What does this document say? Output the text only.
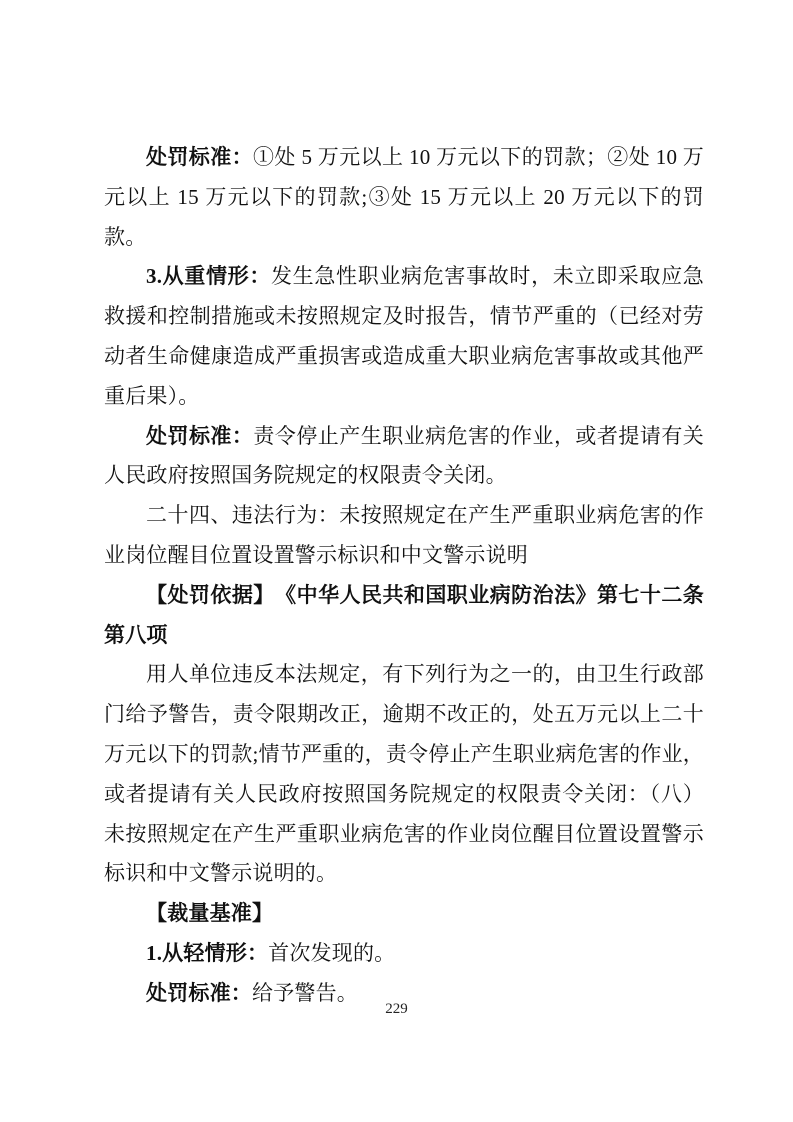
处罚标准：①处 5 万元以上 10 万元以下的罚款；②处 10 万元以上 15 万元以下的罚款;③处 15 万元以上 20 万元以下的罚款。

3.从重情形：发生急性职业病危害事故时，未立即采取应急救援和控制措施或未按照规定及时报告，情节严重的（已经对劳动者生命健康造成严重损害或造成重大职业病危害事故或其他严重后果）。

处罚标准：责令停止产生职业病危害的作业，或者提请有关人民政府按照国务院规定的权限责令关闭。

二十四、违法行为：未按照规定在产生严重职业病危害的作业岗位醒目位置设置警示标识和中文警示说明

【处罚依据】　《中华人民共和国职业病防治法》第七十二条第八项

用人单位违反本法规定，有下列行为之一的，由卫生行政部门给予警告，责令限期改正，逾期不改正的，处五万元以上二十万元以下的罚款;情节严重的，责令停止产生职业病危害的作业，或者提请有关人民政府按照国务院规定的权限责令关闭：（八）未按照规定在产生严重职业病危害的作业岗位醒目位置设置警示标识和中文警示说明的。

【裁量基准】

1.从轻情形：首次发现的。

处罚标准：给予警告。

229
